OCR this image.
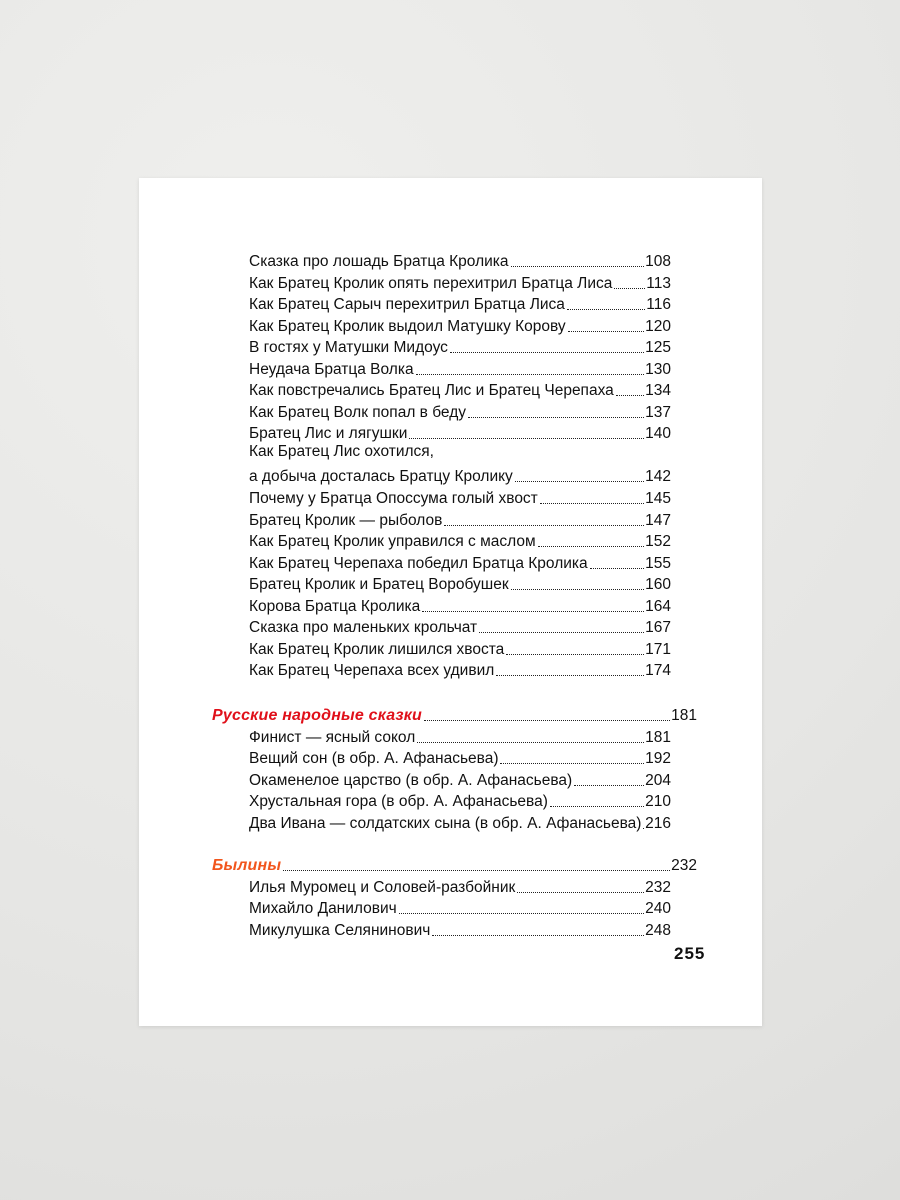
Сказка про лошадь Братца Кролика	108
Как Братец Кролик опять перехитрил Братца Лиса 113
Как Братец Сарыч перехитрил Братца Лиса	116
Как Братец Кролик выдоил Матушку Корову	120
В гостях у Матушки Мидоус	125
Неудача Братца Волка	130
Как повстречались Братец Лис и Братец Черепаха 134
Как Братец Волк попал в беду	137
Братец Лис и лягушки	140
Как Братец Лис охотился,
а добыча досталась Братцу Кролику	142
Почему у Братца Опоссума голый хвост	145
Братец Кролик — рыболов	147
Как Братец Кролик управился с маслом	152
Как Братец Черепаха победил Братца Кролика	155
Братец Кролик и Братец Воробушек	160
Корова Братца Кролика	164
Сказка про маленьких крольчат	167
Как Братец Кролик лишился хвоста	171
Как Братец Черепаха всех удивил	174
Русские народные сказки	181
Финист — ясный сокол	181
Вещий сон (в обр. А. Афанасьева)	192
Окаменелое царство (в обр. А. Афанасьева)	204
Хрустальная гора (в обр. А. Афанасьева)	210
Два Ивана — солдатских сына (в обр. А. Афанасьева) 216
Былины	232
Илья Муромец и Соловей-разбойник	232
Михайло Данилович	240
Микулушка Селянинович	248
255
